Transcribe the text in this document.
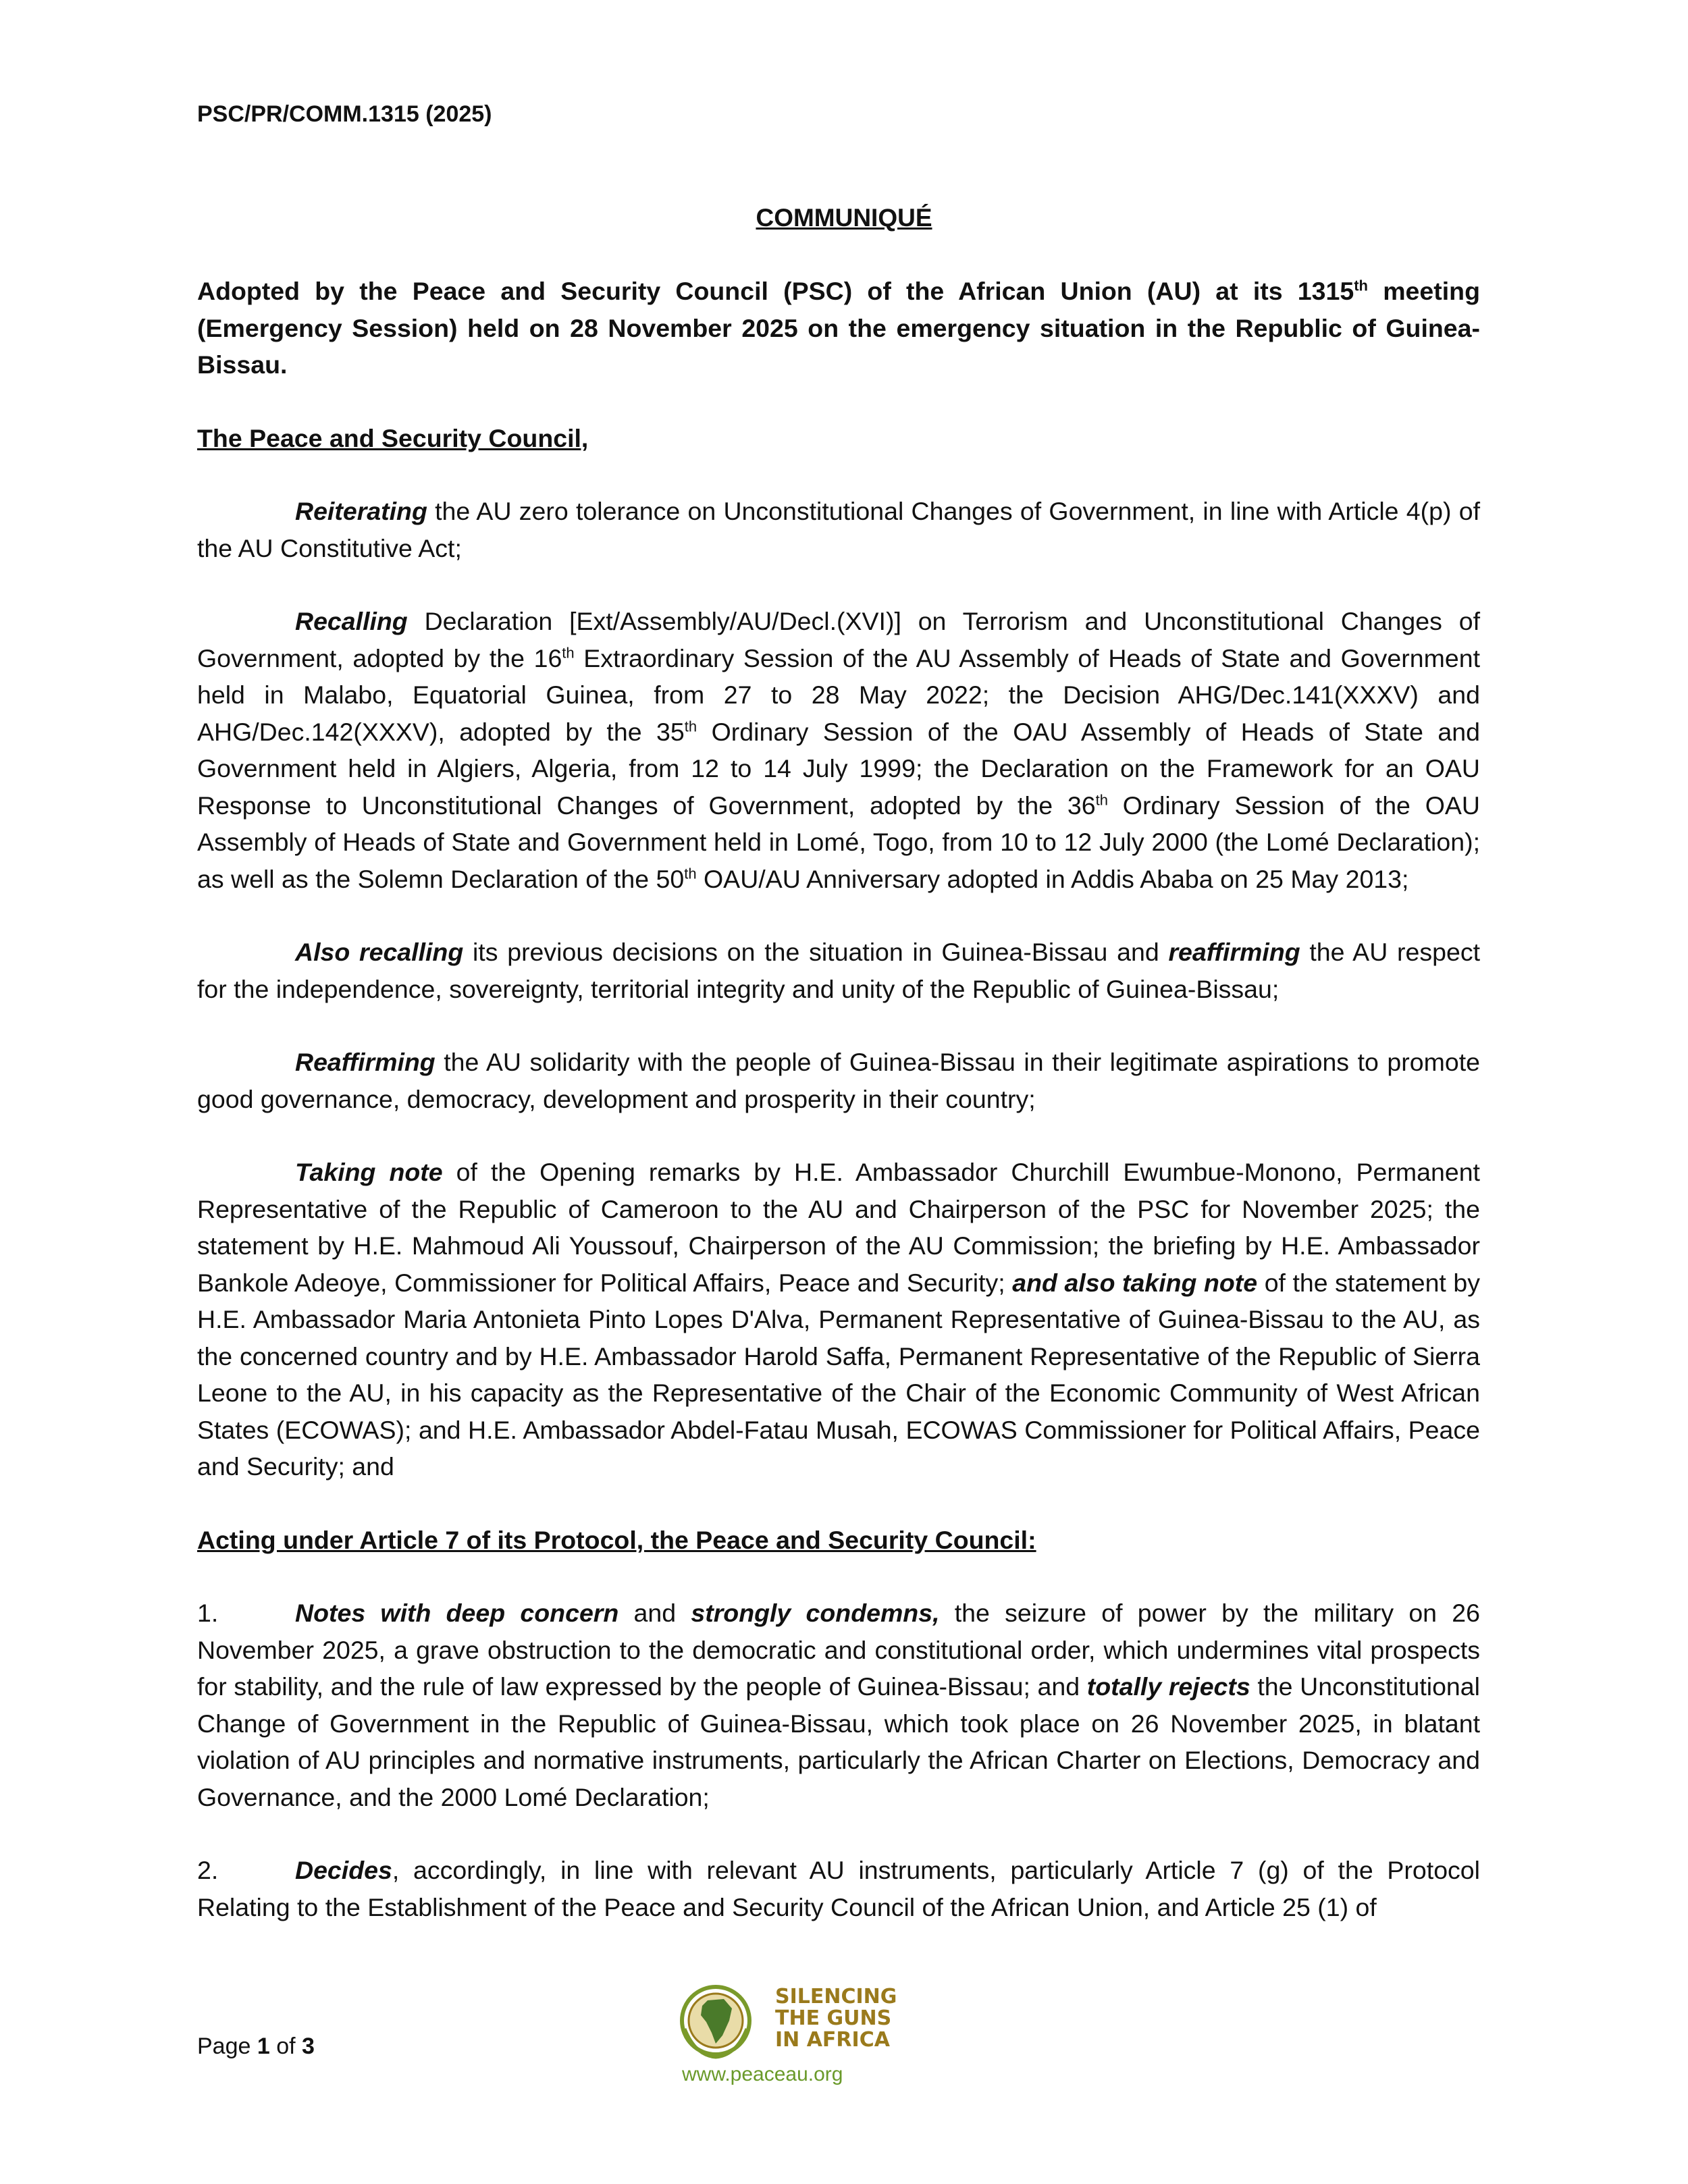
PSC/PR/COMM.1315 (2025)
COMMUNIQUÉ

Adopted by the Peace and Security Council (PSC) of the African Union (AU) at its 1315th meeting (Emergency Session) held on 28 November 2025 on the emergency situation in the Republic of Guinea-Bissau.

The Peace and Security Council,

Reiterating the AU zero tolerance on Unconstitutional Changes of Government, in line with Article 4(p) of the AU Constitutive Act;

Recalling Declaration [Ext/Assembly/AU/Decl.(XVI)] on Terrorism and Unconstitutional Changes of Government, adopted by the 16th Extraordinary Session of the AU Assembly of Heads of State and Government held in Malabo, Equatorial Guinea, from 27 to 28 May 2022; the Decision AHG/Dec.141(XXXV) and AHG/Dec.142(XXXV), adopted by the 35th Ordinary Session of the OAU Assembly of Heads of State and Government held in Algiers, Algeria, from 12 to 14 July 1999; the Declaration on the Framework for an OAU Response to Unconstitutional Changes of Government, adopted by the 36th Ordinary Session of the OAU Assembly of Heads of State and Government held in Lomé, Togo, from 10 to 12 July 2000 (the Lomé Declaration); as well as the Solemn Declaration of the 50th OAU/AU Anniversary adopted in Addis Ababa on 25 May 2013;

Also recalling its previous decisions on the situation in Guinea-Bissau and reaffirming the AU respect for the independence, sovereignty, territorial integrity and unity of the Republic of Guinea-Bissau;

Reaffirming the AU solidarity with the people of Guinea-Bissau in their legitimate aspirations to promote good governance, democracy, development and prosperity in their country;

Taking note of the Opening remarks by H.E. Ambassador Churchill Ewumbue-Monono, Permanent Representative of the Republic of Cameroon to the AU and Chairperson of the PSC for November 2025; the statement by H.E. Mahmoud Ali Youssouf, Chairperson of the AU Commission; the briefing by H.E. Ambassador Bankole Adeoye, Commissioner for Political Affairs, Peace and Security; and also taking note of the statement by H.E. Ambassador Maria Antonieta Pinto Lopes D'Alva, Permanent Representative of Guinea-Bissau to the AU, as the concerned country and by H.E. Ambassador Harold Saffa, Permanent Representative of the Republic of Sierra Leone to the AU, in his capacity as the Representative of the Chair of the Economic Community of West African States (ECOWAS); and H.E. Ambassador Abdel-Fatau Musah, ECOWAS Commissioner for Political Affairs, Peace and Security; and

Acting under Article 7 of its Protocol, the Peace and Security Council:

1.	Notes with deep concern and strongly condemns, the seizure of power by the military on 26 November 2025, a grave obstruction to the democratic and constitutional order, which undermines vital prospects for stability, and the rule of law expressed by the people of Guinea-Bissau; and totally rejects the Unconstitutional Change of Government in the Republic of Guinea-Bissau, which took place on 26 November 2025, in blatant violation of AU principles and normative instruments, particularly the African Charter on Elections, Democracy and Governance, and the 2000 Lomé Declaration;

2.	Decides, accordingly, in line with relevant AU instruments, particularly Article 7 (g) of the Protocol Relating to the Establishment of the Peace and Security Council of the African Union, and Article 25 (1) of

Page 1 of 3
SILENCING
THE GUNS
IN AFRICA
www.peaceau.org
